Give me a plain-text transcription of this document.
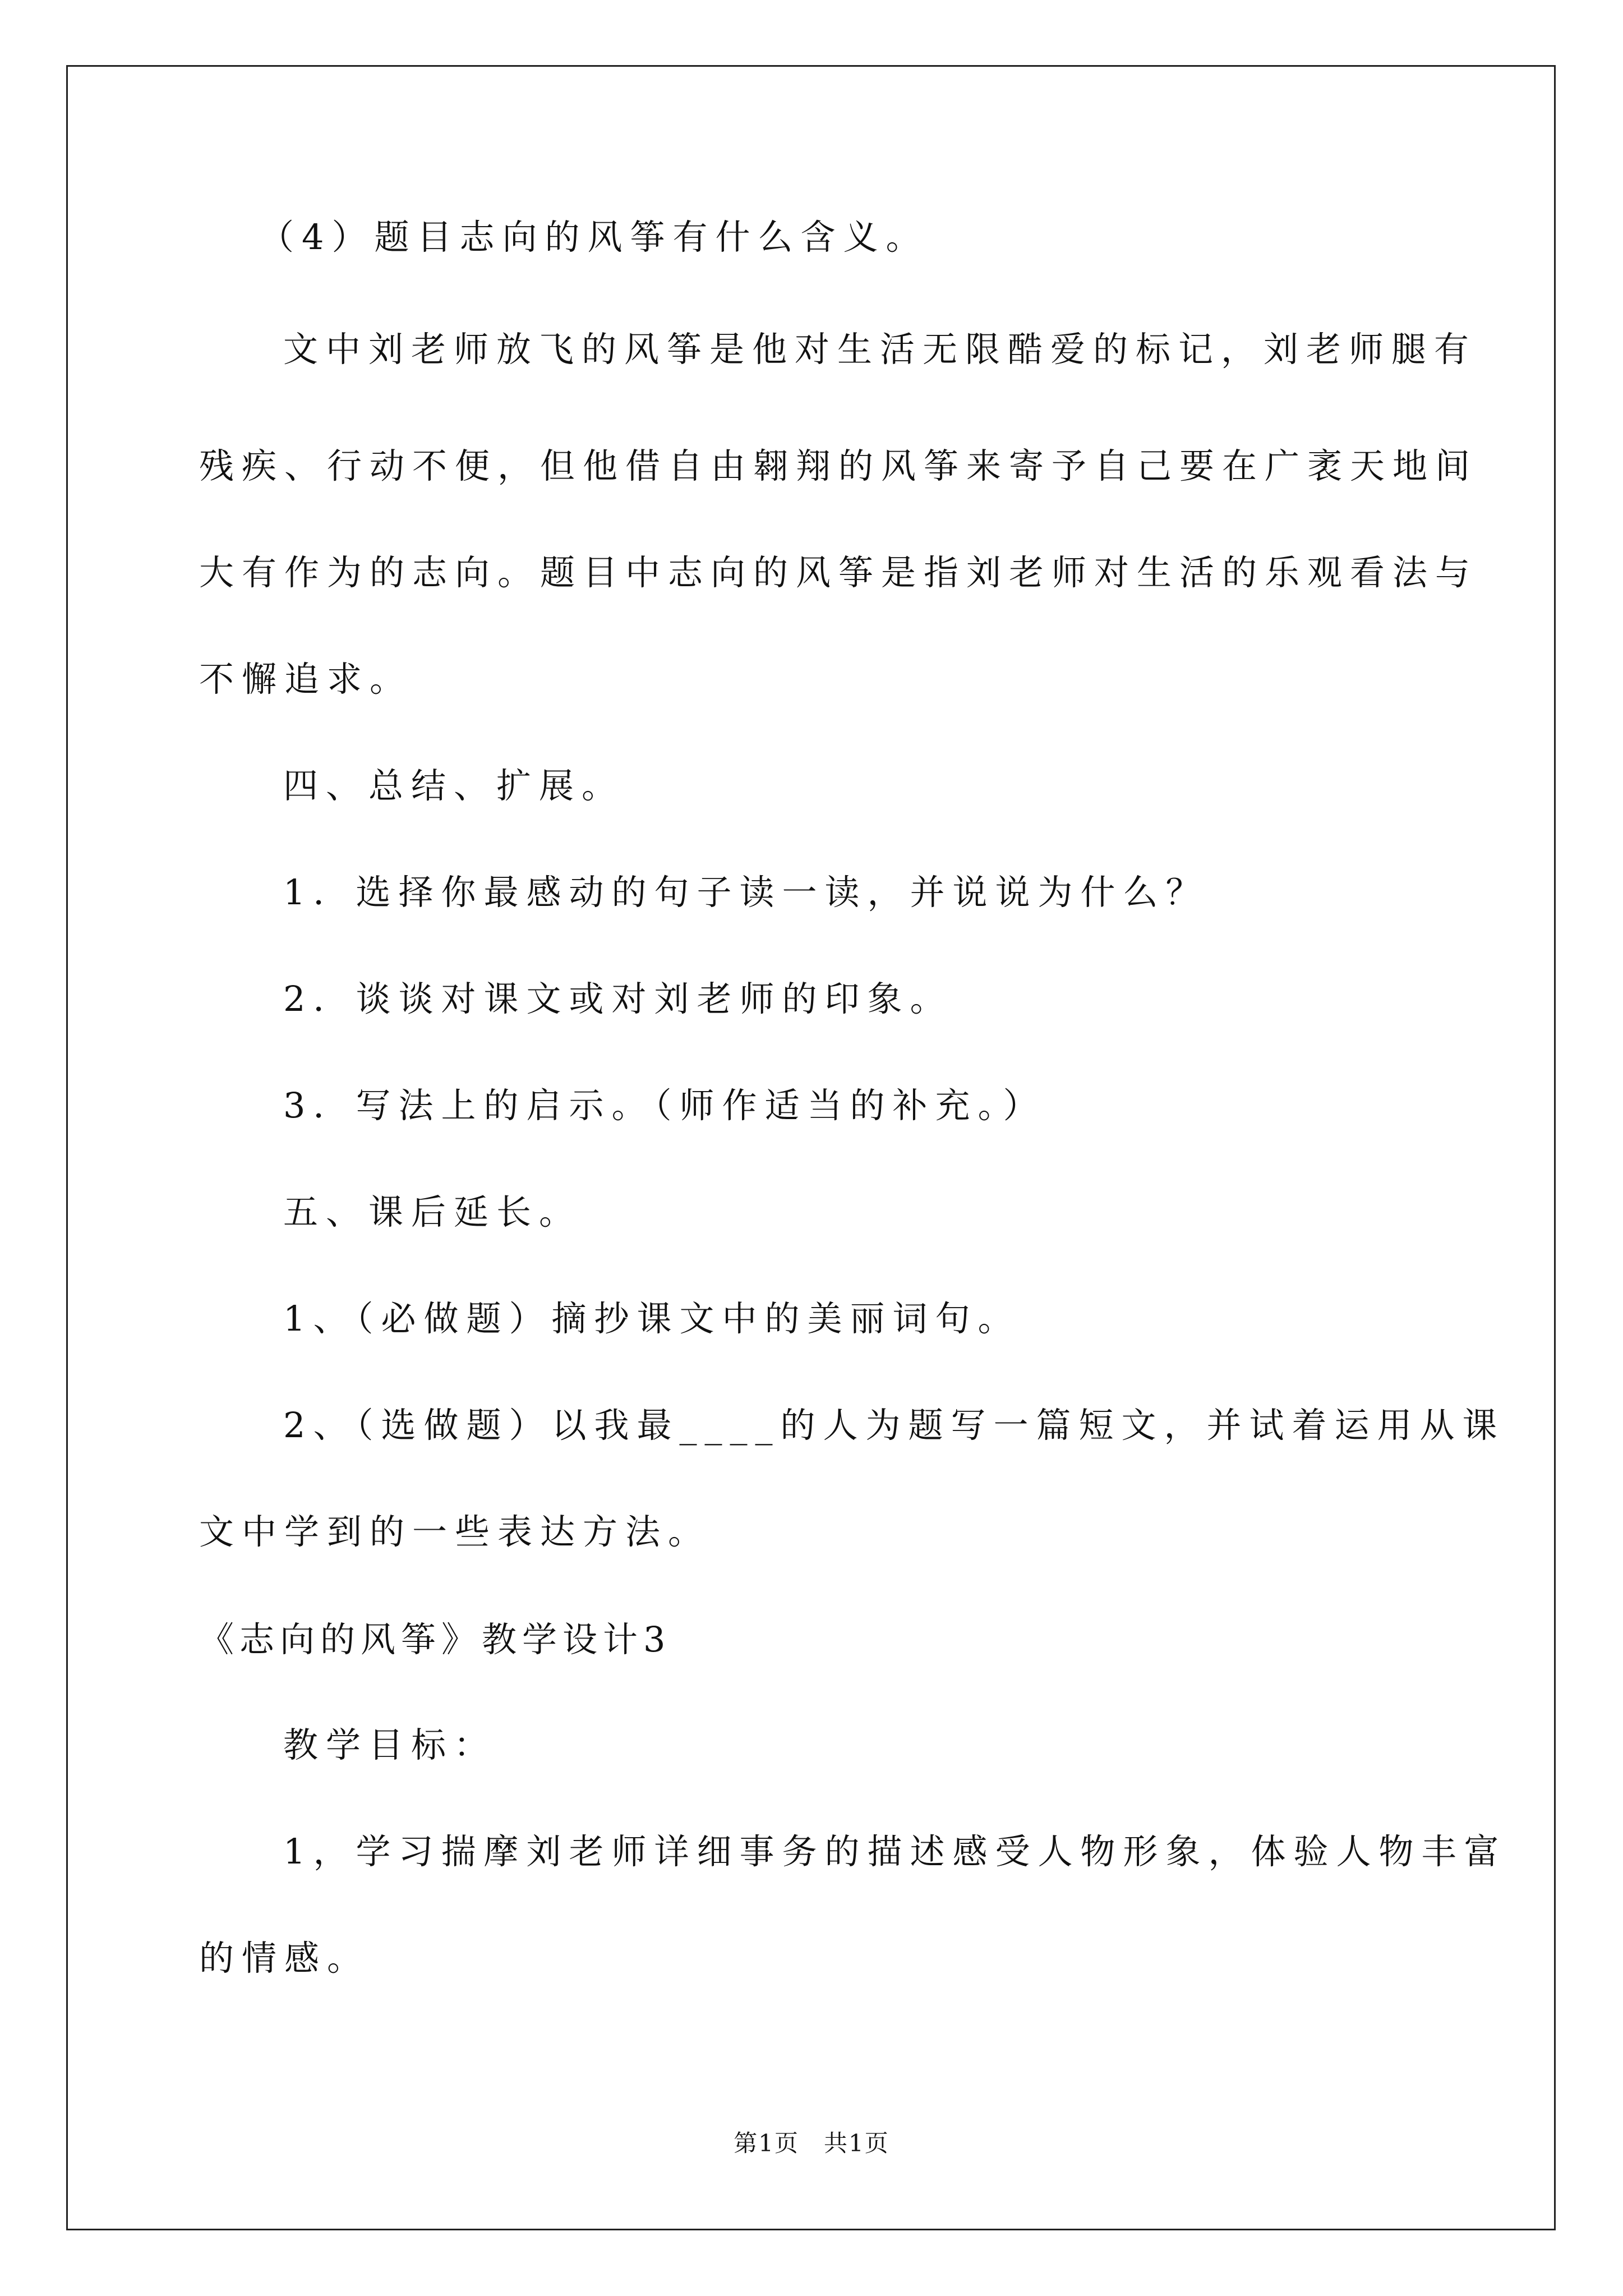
（4）题目志向的风筝有什么含义。

文中刘老师放飞的风筝是他对生活无限酷爱的标记，刘老师腿有

残疾、行动不便，但他借自由翱翔的风筝来寄予自己要在广袤天地间

大有作为的志向。题目中志向的风筝是指刘老师对生活的乐观看法与

不懈追求。

四、总结、扩展。

1．选择你最感动的句子读一读，并说说为什么？

2．谈谈对课文或对刘老师的印象。

3．写法上的启示。（师作适当的补充。）

五、课后延长。

1、（必做题）摘抄课文中的美丽词句。

2、（选做题）以我最____的人为题写一篇短文，并试着运用从课

文中学到的一些表达方法。

《志向的风筝》教学设计3

教学目标：

1，学习揣摩刘老师详细事务的描述感受人物形象，体验人物丰富

的情感。

第1页　共1页
